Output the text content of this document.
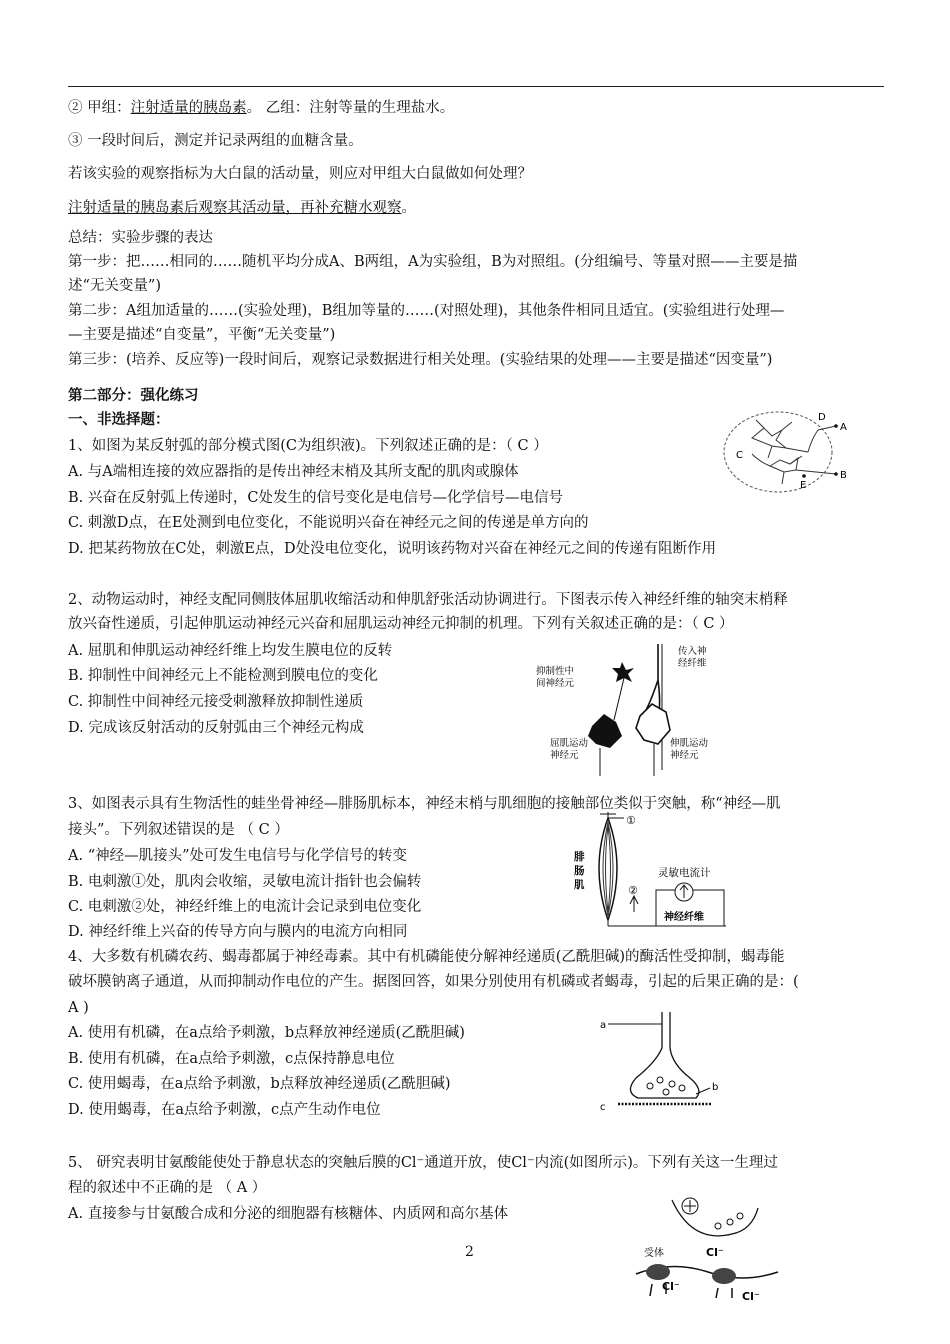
② 甲组：注射适量的胰岛素。 乙组：注射等量的生理盐水。
③ 一段时间后，测定并记录两组的血糖含量。
若该实验的观察指标为大白鼠的活动量，则应对甲组大白鼠做如何处理？
注射适量的胰岛素后观察其活动量，再补充糖水观察。
总结：实验步骤的表达
第一步：把……相同的……随机平均分成A、B两组，A为实验组，B为对照组。(分组编号、等量对照——主要是描
述“无关变量”)
第二步：A组加适量的……(实验处理)，B组加等量的……(对照处理)，其他条件相同且适宜。(实验组进行处理—
—主要是描述“自变量”，平衡“无关变量”)
第三步：(培养、反应等)一段时间后，观察记录数据进行相关处理。(实验结果的处理——主要是描述“因变量”)
第二部分：强化练习
一、非选择题：
1、如图为某反射弧的部分模式图(C为组织液)。下列叙述正确的是：（ C ）
A. 与A端相连接的效应器指的是传出神经末梢及其所支配的肌肉或腺体
B. 兴奋在反射弧上传递时，C处发生的信号变化是电信号—化学信号—电信号
C. 刺激D点，在E处测到电位变化，不能说明兴奋在神经元之间的传递是单方向的
D. 把某药物放在C处，刺激E点，D处没电位变化，说明该药物对兴奋在神经元之间的传递有阻断作用
2、动物运动时，神经支配同侧肢体屈肌收缩活动和伸肌舒张活动协调进行。下图表示传入神经纤维的轴突末梢释
放兴奋性递质，引起伸肌运动神经元兴奋和屈肌运动神经元抑制的机理。下列有关叙述正确的是：（ C ）
A. 屈肌和伸肌运动神经纤维上均发生膜电位的反转
B. 抑制性中间神经元上不能检测到膜电位的变化
C. 抑制性中间神经元接受刺激释放抑制性递质
D. 完成该反射活动的反射弧由三个神经元构成
3、如图表示具有生物活性的蛙坐骨神经—腓肠肌标本，神经末梢与肌细胞的接触部位类似于突触，称“神经—肌
接头”。下列叙述错误的是 （ C ）
A. “神经—肌接头”处可发生电信号与化学信号的转变
B. 电刺激①处，肌肉会收缩，灵敏电流计指针也会偏转
C. 电刺激②处，神经纤维上的电流计会记录到电位变化
D. 神经纤维上兴奋的传导方向与膜内的电流方向相同
4、大多数有机磷农药、蝎毒都属于神经毒素。其中有机磷能使分解神经递质(乙酰胆碱)的酶活性受抑制，蝎毒能
破坏膜钠离子通道，从而抑制动作电位的产生。据图回答，如果分别使用有机磷或者蝎毒，引起的后果正确的是：(
A )
A. 使用有机磷，在a点给予刺激，b点释放神经递质(乙酰胆碱)
B. 使用有机磷，在a点给予刺激，c点保持静息电位
C. 使用蝎毒，在a点给予刺激，b点释放神经递质(乙酰胆碱)
D. 使用蝎毒，在a点给予刺激，c点产生动作电位
5、 研究表明甘氨酸能使处于静息状态的突触后膜的Cl⁻通道开放，使Cl⁻内流(如图所示)。下列有关这一生理过
程的叙述中不正确的是 （ A ）
A. 直接参与甘氨酸合成和分泌的细胞器有核糖体、内质网和高尔基体
D
A
C
B
E
抑制性中
间神经元
传入神
经纤维
屈肌运动
神经元
伸肌运动
神经元
①
②
腓
肠
肌
灵敏电流计
神经纤维
a
b
c
受体	Cl⁻
Cl⁻
Cl⁻
2
